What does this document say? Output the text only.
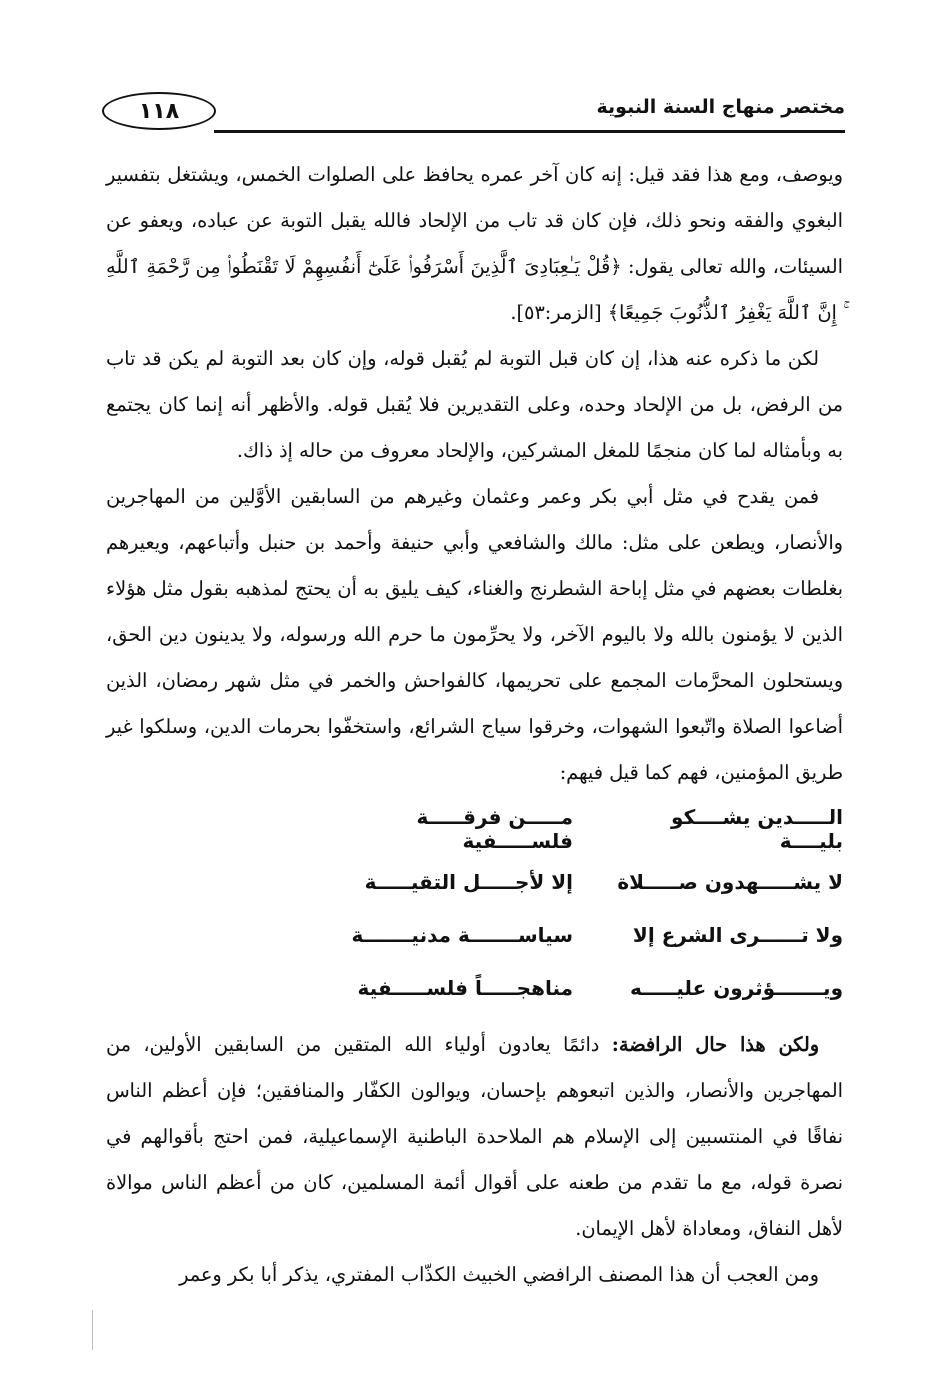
مختصر منهاج السنة النبوية
١١٨

ويوصف، ومع هذا فقد قيل: إنه كان آخر عمره يحافظ على الصلوات الخمس، ويشتغل بتفسير البغوي والفقه ونحو ذلك، فإن كان قد تاب من الإلحاد فالله يقبل التوبة عن عباده، ويعفو عن السيئات، والله تعالى يقول: ﴿قُلْ يَـٰعِبَادِىَ ٱلَّذِينَ أَسْرَفُوا۟ عَلَىٰٓ أَنفُسِهِمْ لَا تَقْنَطُوا۟ مِن رَّحْمَةِ ٱللَّهِ ۚ إِنَّ ٱللَّهَ يَغْفِرُ ٱلذُّنُوبَ جَمِيعًا﴾ [الزمر:٥٣].

لكن ما ذكره عنه هذا، إن كان قبل التوبة لم يُقبل قوله، وإن كان بعد التوبة لم يكن قد تاب من الرفض، بل من الإلحاد وحده، وعلى التقديرين فلا يُقبل قوله. والأظهر أنه إنما كان يجتمع به وبأمثاله لما كان منجمًا للمغل المشركين، والإلحاد معروف من حاله إذ ذاك.

فمن يقدح في مثل أبي بكر وعمر وعثمان وغيرهم من السابقين الأوَّلين من المهاجرين والأنصار، ويطعن على مثل: مالك والشافعي وأبي حنيفة وأحمد بن حنبل وأتباعهم، ويعيرهم بغلطات بعضهم في مثل إباحة الشطرنج والغناء، كيف يليق به أن يحتج لمذهبه بقول مثل هؤلاء الذين لا يؤمنون بالله ولا باليوم الآخر، ولا يحرِّمون ما حرم الله ورسوله، ولا يدينون دين الحق، ويستحلون المحرَّمات المجمع على تحريمها، كالفواحش والخمر في مثل شهر رمضان، الذين أضاعوا الصلاة واتّبعوا الشهوات، وخرقوا سياج الشرائع، واستخفّوا بحرمات الدين، وسلكوا غير طريق المؤمنين، فهم كما قيل فيهم:

الـــــدين يشــــكو بليــــة
مـــــن فرقـــــة فلســـــفية
لا يشـــــهدون صـــــلاة
إلا لأجـــــل التقيـــــة
ولا تــــــرى الشرع إلا
سياســـــــة مدنيـــــــة
ويـــــــؤثرون عليـــــه
مناهجـــــاً فلســـــفية

ولكن هذا حال الرافضة: دائمًا يعادون أولياء الله المتقين من السابقين الأولين، من المهاجرين والأنصار، والذين اتبعوهم بإحسان، ويوالون الكفّار والمنافقين؛ فإن أعظم الناس نفاقًا في المنتسبين إلى الإسلام هم الملاحدة الباطنية الإسماعيلية، فمن احتج بأقوالهم في نصرة قوله، مع ما تقدم من طعنه على أقوال أئمة المسلمين، كان من أعظم الناس موالاة لأهل النفاق، ومعاداة لأهل الإيمان.

ومن العجب أن هذا المصنف الرافضي الخبيث الكذّاب المفتري، يذكر أبا بكر وعمر
